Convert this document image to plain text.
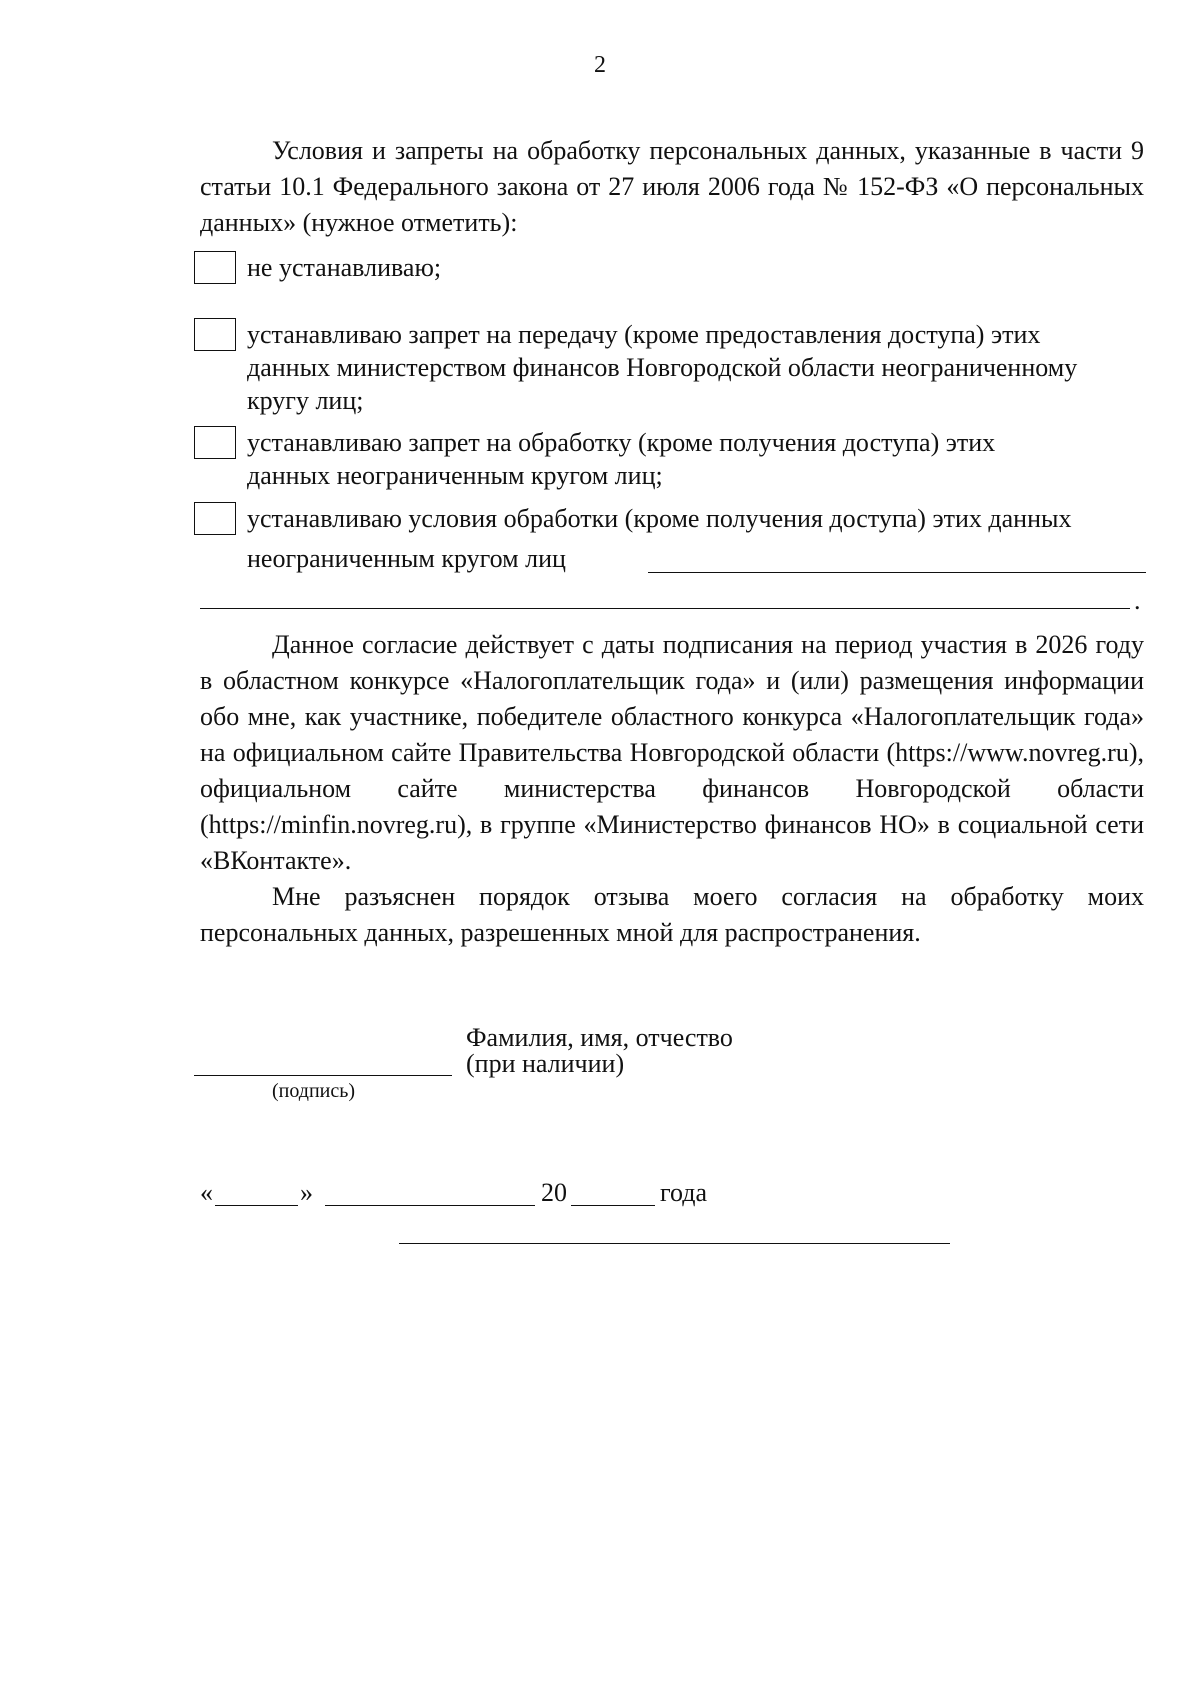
2
Условия и запреты на обработку персональных данных, указанные в части 9 статьи 10.1 Федерального закона от 27 июля 2006 года № 152-ФЗ «О персональных данных» (нужное отметить):
не устанавливаю;
устанавливаю запрет на передачу (кроме предоставления доступа) этих
данных министерством финансов Новгородской области неограниченному
кругу лиц;
устанавливаю запрет на обработку (кроме получения доступа) этих
данных неограниченным кругом лиц;
устанавливаю условия обработки (кроме получения доступа) этих данных
неограниченным кругом лиц
.
Данное согласие действует с даты подписания на период участия в 2026 году в областном конкурсе «Налогоплательщик года» и (или) размещения информации обо мне, как участнике, победителе областного конкурса «Налогоплательщик года» на официальном сайте Правительства Новгородской области (https://www.novreg.ru), официальном сайте министерства финансов Новгородской области (https://minfin.novreg.ru), в группе «Министерство финансов НО» в социальной сети «ВКонтакте».
Мне разъяснен порядок отзыва моего согласия на обработку моих персональных данных, разрешенных мной для распространения.
Фамилия, имя, отчество
(при наличии)
(подпись)
«	»	20	года
